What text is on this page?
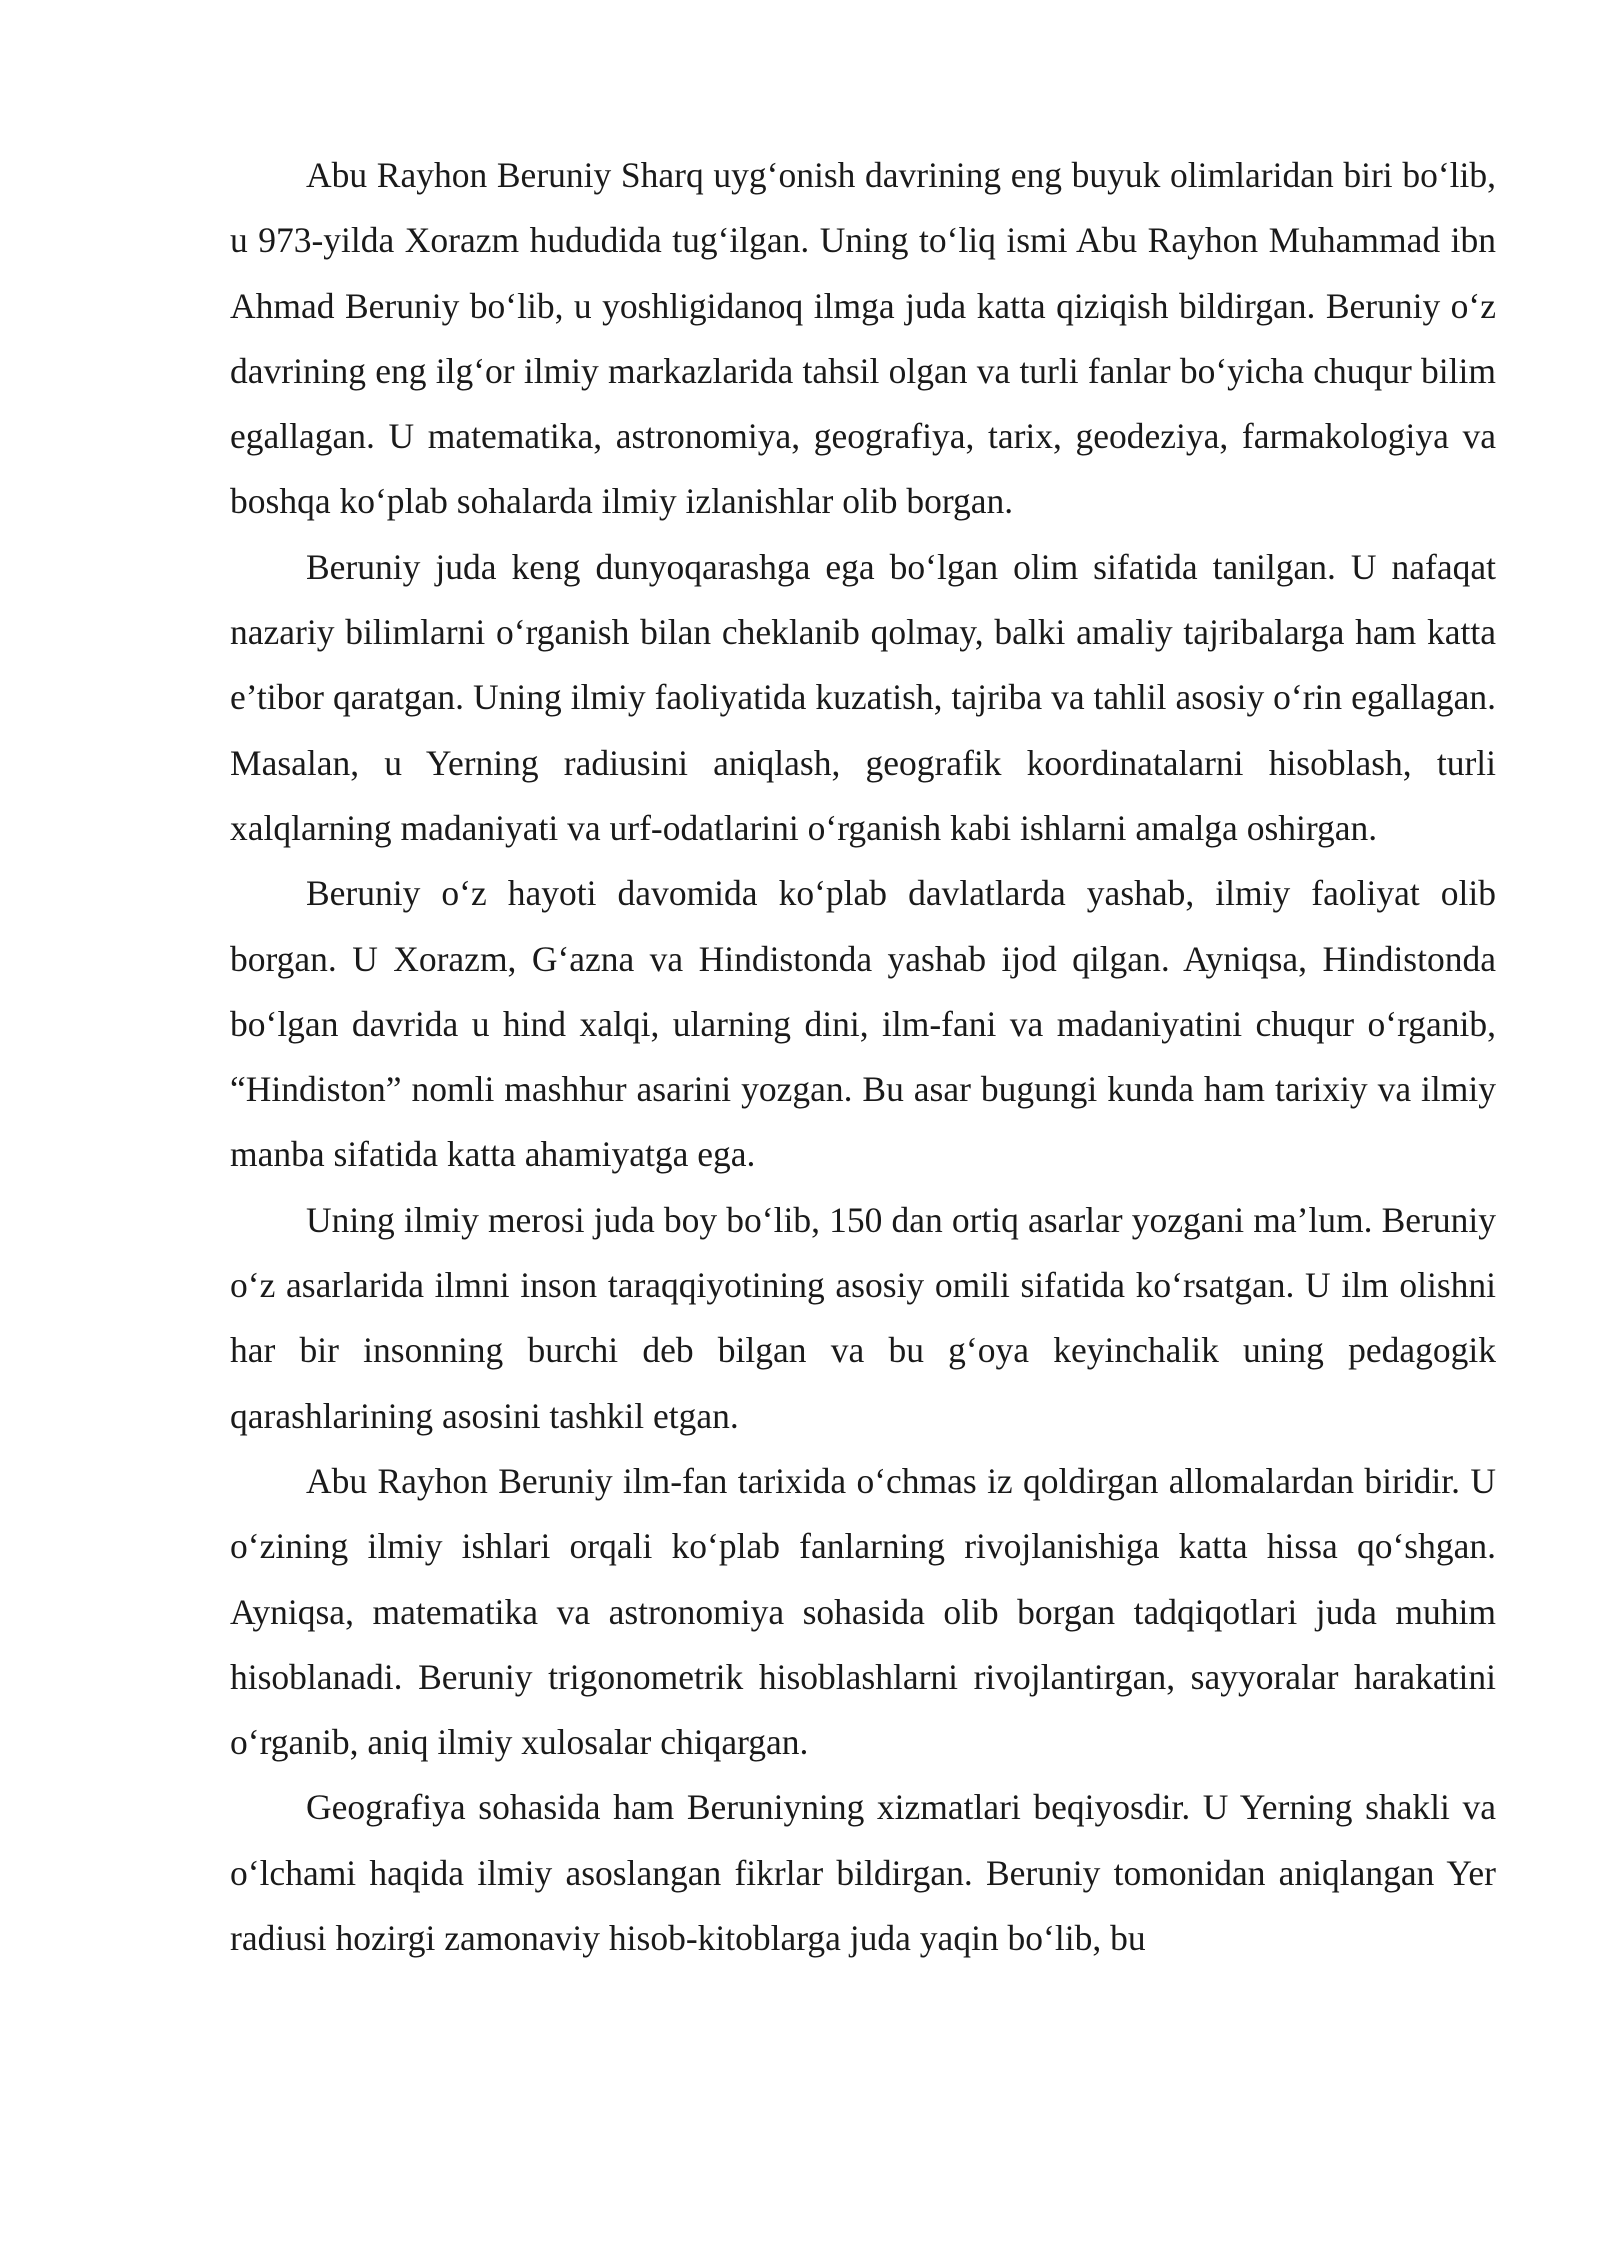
Abu Rayhon Beruniy Sharq uyg‘onish davrining eng buyuk olimlaridan biri bo‘lib, u 973-yilda Xorazm hududida tug‘ilgan. Uning to‘liq ismi Abu Rayhon Muhammad ibn Ahmad Beruniy bo‘lib, u yoshligidanoq ilmga juda katta qiziqish bildirgan. Beruniy o‘z davrining eng ilg‘or ilmiy markazlarida tahsil olgan va turli fanlar bo‘yicha chuqur bilim egallagan. U matematika, astronomiya, geografiya, tarix, geodeziya, farmakologiya va boshqa ko‘plab sohalarda ilmiy izlanishlar olib borgan.

Beruniy juda keng dunyoqarashga ega bo‘lgan olim sifatida tanilgan. U nafaqat nazariy bilimlarni o‘rganish bilan cheklanib qolmay, balki amaliy tajribalarga ham katta e’tibor qaratgan. Uning ilmiy faoliyatida kuzatish, tajriba va tahlil asosiy o‘rin egallagan. Masalan, u Yerning radiusini aniqlash, geografik koordinatalarni hisoblash, turli xalqlarning madaniyati va urf-odatlarini o‘rganish kabi ishlarni amalga oshirgan.

Beruniy o‘z hayoti davomida ko‘plab davlatlarda yashab, ilmiy faoliyat olib borgan. U Xorazm, G‘azna va Hindistonda yashab ijod qilgan. Ayniqsa, Hindistonda bo‘lgan davrida u hind xalqi, ularning dini, ilm-fani va madaniyatini chuqur o‘rganib, “Hindiston” nomli mashhur asarini yozgan. Bu asar bugungi kunda ham tarixiy va ilmiy manba sifatida katta ahamiyatga ega.

Uning ilmiy merosi juda boy bo‘lib, 150 dan ortiq asarlar yozgani ma’lum. Beruniy o‘z asarlarida ilmni inson taraqqiyotining asosiy omili sifatida ko‘rsatgan. U ilm olishni har bir insonning burchi deb bilgan va bu g‘oya keyinchalik uning pedagogik qarashlarining asosini tashkil etgan.

Abu Rayhon Beruniy ilm-fan tarixida o‘chmas iz qoldirgan allomalardan biridir. U o‘zining ilmiy ishlari orqali ko‘plab fanlarning rivojlanishiga katta hissa qo‘shgan. Ayniqsa, matematika va astronomiya sohasida olib borgan tadqiqotlari juda muhim hisoblanadi. Beruniy trigonometrik hisoblashlarni rivojlantirgan, sayyoralar harakatini o‘rganib, aniq ilmiy xulosalar chiqargan.

Geografiya sohasida ham Beruniyning xizmatlari beqiyosdir. U Yerning shakli va o‘lchami haqida ilmiy asoslangan fikrlar bildirgan. Beruniy tomonidan aniqlangan Yer radiusi hozirgi zamonaviy hisob-kitoblarga juda yaqin bo‘lib, bu
